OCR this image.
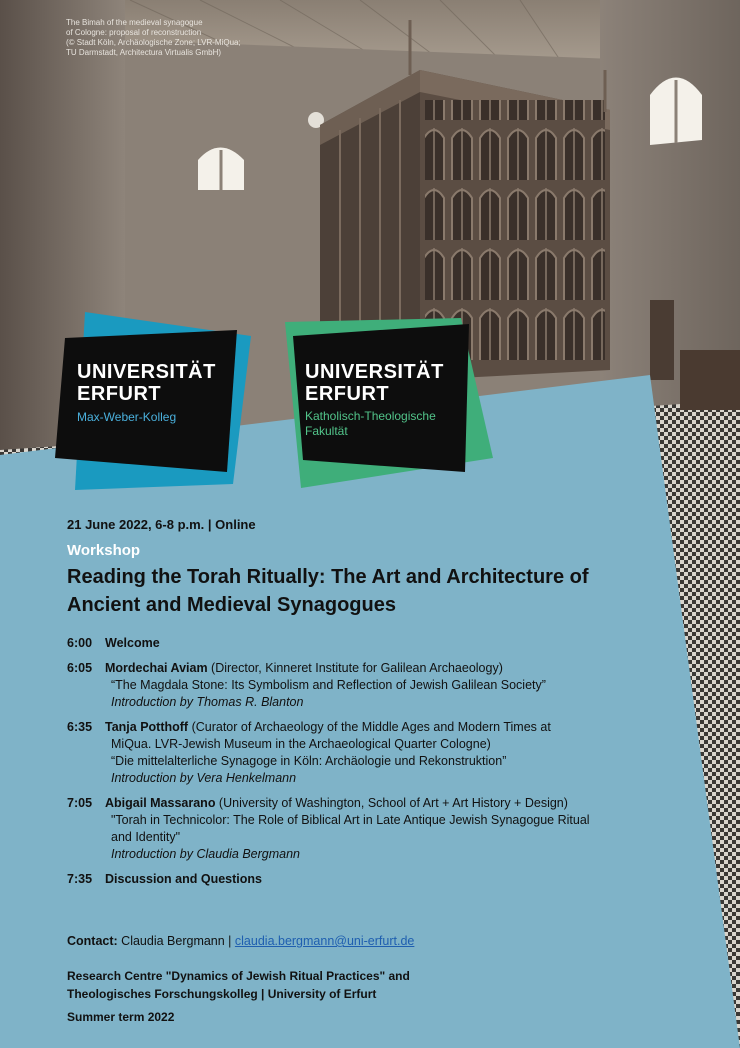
The Bimah of the medieval synagogue
of Cologne: proposal of reconstruction
(© Stadt Köln, Archäologische Zone; LVR-MiQua;
TU Darmstadt, Architectura Virtualis GmbH)
UNIVERSITÄT
ERFURT
Max-Weber-Kolleg
UNIVERSITÄT
ERFURT
Katholisch-Theologische
Fakultät
21 June 2022, 6-8 p.m. | Online
Workshop
Reading the Torah Ritually: The Art and Architecture of
Ancient and Medieval Synagogues
6:00	Welcome
6:05	Mordechai Aviam (Director, Kinneret Institute for Galilean Archaeology)
“The Magdala Stone: Its Symbolism and Reflection of Jewish Galilean Society”
Introduction by Thomas R. Blanton
6:35	Tanja Potthoff (Curator of Archaeology of the Middle Ages and Modern Times at
MiQua. LVR-Jewish Museum in the Archaeological Quarter Cologne)
“Die mittelalterliche Synagoge in Köln: Archäologie und Rekonstruktion”
Introduction by Vera Henkelmann
7:05	Abigail Massarano (University of Washington, School of Art + Art History + Design)
"Torah in Technicolor: The Role of Biblical Art in Late Antique Jewish Synagogue Ritual
and Identity"
Introduction by Claudia Bergmann
7:35	Discussion and Questions
Contact: Claudia Bergmann | claudia.bergmann@uni-erfurt.de
Research Centre "Dynamics of Jewish Ritual Practices" and
Theologisches Forschungskolleg | University of Erfurt
Summer term 2022
